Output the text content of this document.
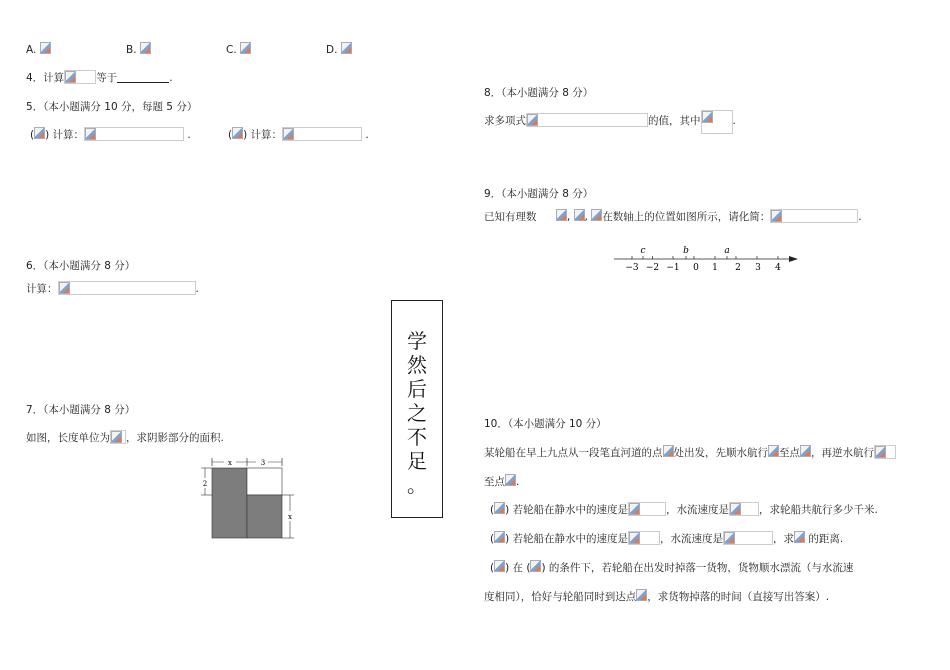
A.	B.	C.	D.
4．计算	等于	.
5．（本小题满分 10 分，每题 5 分）
( ) 计算：	.	( ) 计算：	.
6．（本小题满分 8 分）
计算：	.
7．（本小题满分 8 分）
如图，长度单位为 ，求阴影部分的面积.
x	3
2
x
学
然
后
之
不
足
。
8．（本小题满分 8 分）
求多项式	的值，其中	.
9．（本小题满分 8 分）
已知有理数	, , 在数轴上的位置如图所示，请化简：	.
−3 −2 −1 0 1 2 3 4
c	b	a
10．（本小题满分 10 分）
某轮船在早上九点从一段笔直河道的点 处出发，先顺水航行 至点 ，再逆水航行
至点 .
( ) 若轮船在静水中的速度是	，水流速度是	，求轮船共航行多少千米.
( ) 若轮船在静水中的速度是	，水流速度是	，求 的距离.
( ) 在 ( ) 的条件下，若轮船在出发时掉落一货物，货物顺水漂流（与水流速
度相同），恰好与轮船同时到达点 ，求货物掉落的时间（直接写出答案）.
